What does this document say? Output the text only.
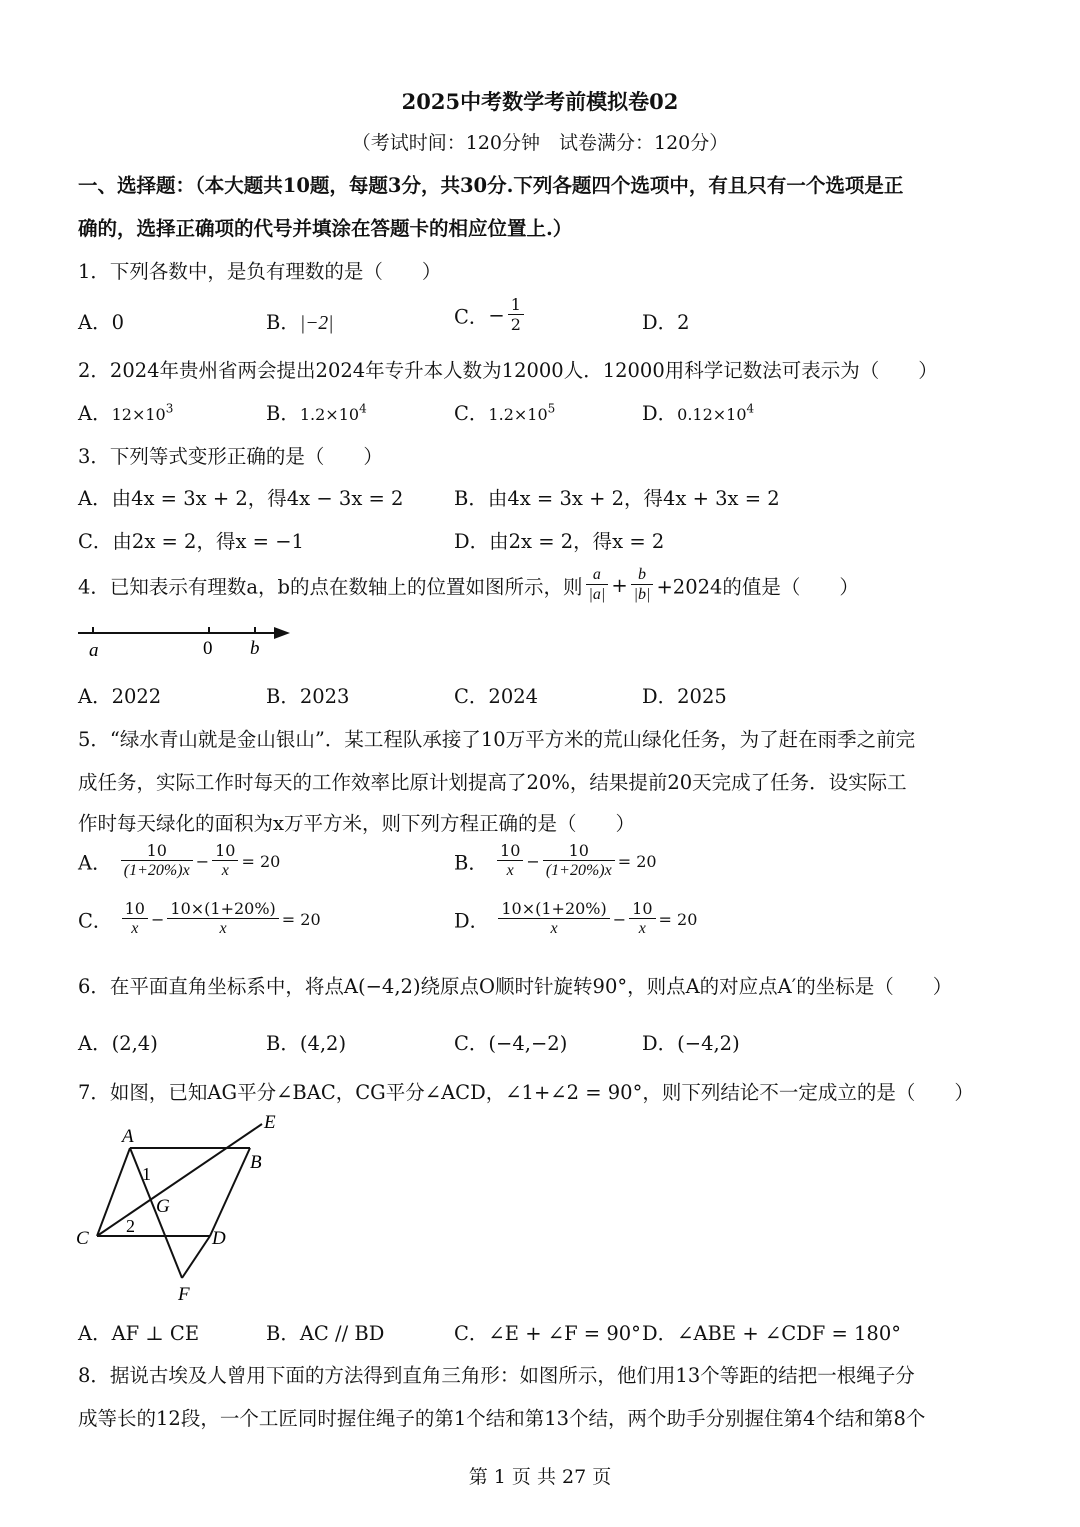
2025中考数学考前模拟卷02
（考试时间：120分钟　试卷满分：120分）
一、选择题：（本大题共10题，每题3分，共30分.下列各题四个选项中，有且只有一个选项是正
确的，选择正确项的代号并填涂在答题卡的相应位置上.）
1．下列各数中，是负有理数的是（　　）
A．0	B．|−2|	C．− $\frac{1}{2}$	D．2
2．2024年贵州省两会提出2024年专升本人数为12000人．12000用科学记数法可表示为（　　）
A．$12\times 10^3$	B．$1.2\times 10^4$	C．$1.2\times 10^5$	D．$0.12\times 10^4$
3．下列等式变形正确的是（　　）
A．由4x = 3x + 2，得4x − 3x = 2	B．由4x = 3x + 2，得4x + 3x = 2
C．由2x = 2，得x = −1	D．由2x = 2，得x = 2
4．已知表示有理数a，b的点在数轴上的位置如图所示，则 $\frac{a}{|a|} + \frac{b}{|b|} +2024$的值是（　　）
a	0 b
A．2022	B．2023	C．2024	D．2025
5．“绿水青山就是金山银山”．某工程队承接了10万平方米的荒山绿化任务，为了赶在雨季之前完
成任务，实际工作时每天的工作效率比原计划提高了20%，结果提前20天完成了任务．设实际工
作时每天绿化的面积为x万平方米，则下列方程正确的是（　　）
A． $\frac{10}{(1+20\%)x} - \frac{10}{x} = 20$	B． $\frac{10}{x} - \frac{10}{(1+20\%)x} = 20$
C． $\frac{10}{x} - \frac{10\times(1+20\%)}{x} = 20$	D． $\frac{10\times(1+20\%)}{x} - \frac{10}{x} = 20$
6．在平面直角坐标系中，将点A(−4,2)绕原点O顺时针旋转90°，则点A的对应点A′的坐标是（　　）
A．(2,4)	B．(4,2)	C．(−4,−2)	D．(−4,2)
7．如图，已知AG平分∠BAC，CG平分∠ACD，∠1+∠2 = 90°，则下列结论不一定成立的是（　　）
A
B
C	D
E
F
G
1
2
A．AF ⊥ CE	B．AC // BD	C．∠E + ∠F = 90° D．∠ABE + ∠CDF = 180°
8．据说古埃及人曾用下面的方法得到直角三角形：如图所示，他们用13个等距的结把一根绳子分
成等长的12段，一个工匠同时握住绳子的第1个结和第13个结，两个助手分别握住第4个结和第8个
第 1 页 共 27 页
